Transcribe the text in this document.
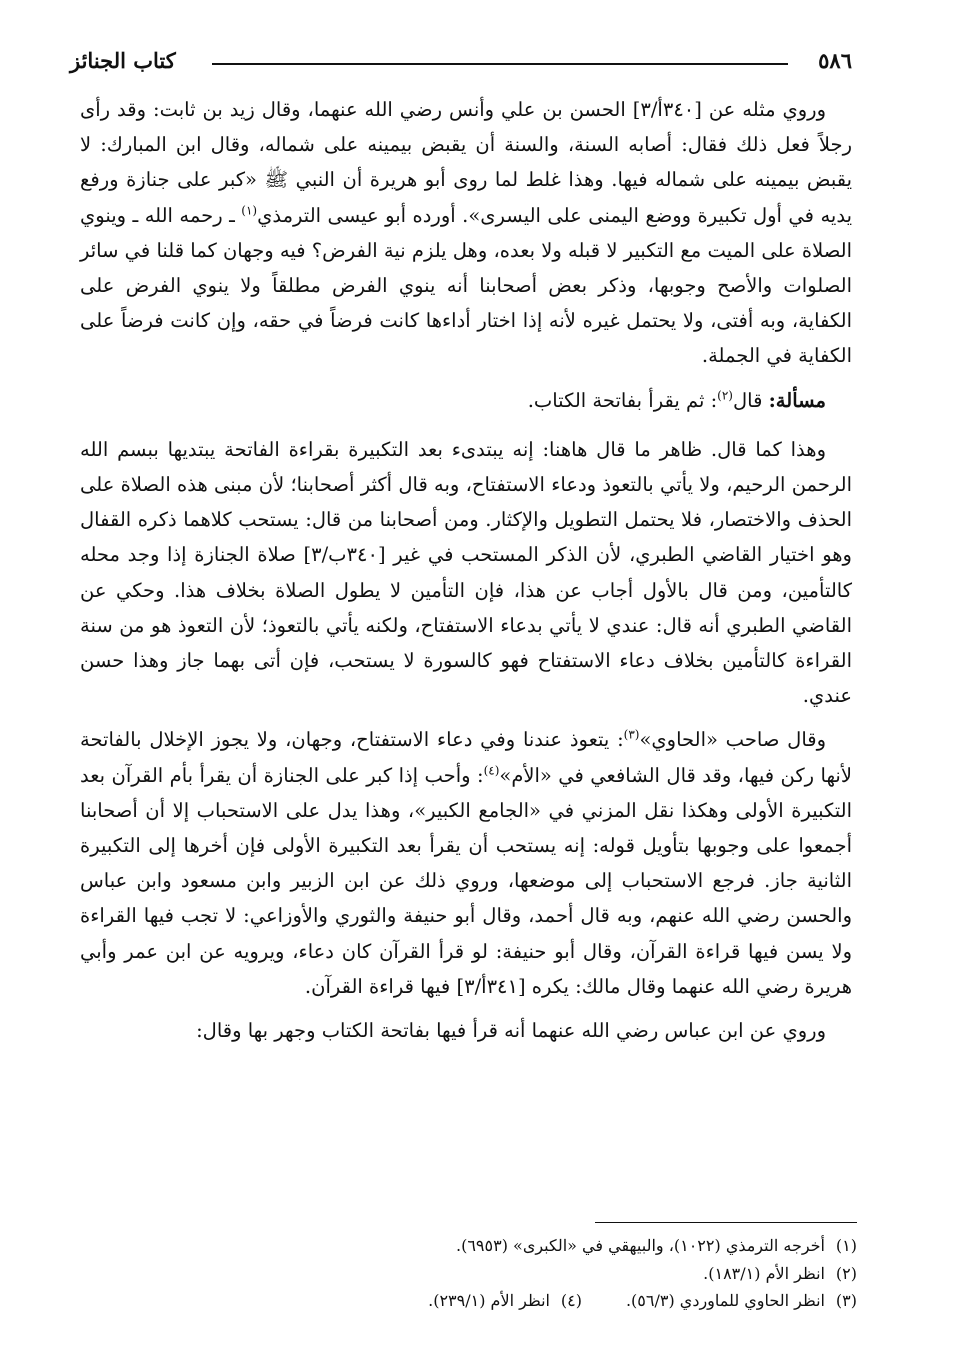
٥٨٦
كتاب الجنائز

وروي مثله عن [٣٤٠أ/٣] الحسن بن علي وأنس رضي الله عنهما، وقال زيد بن ثابت: وقد رأى رجلاً فعل ذلك فقال: أصابه السنة، والسنة أن يقبض بيمينه على شماله، وقال ابن المبارك: لا يقبض بيمينه على شماله فيها. وهذا غلط لما روى أبو هريرة أن النبي ﷺ «كبر على جنازة ورفع يديه في أول تكبيرة ووضع اليمنى على اليسرى». أورده أبو عيسى الترمذي$^{(١)}$ ـ رحمه الله ـ وينوي الصلاة على الميت مع التكبير لا قبله ولا بعده، وهل يلزم نية الفرض؟ فيه وجهان كما قلنا في سائر الصلوات والأصح وجوبها، وذكر بعض أصحابنا أنه ينوي الفرض مطلقاً ولا ينوي الفرض على الكفاية، وبه أفتى، ولا يحتمل غيره لأنه إذا اختار أداءها كانت فرضاً في حقه، وإن كانت فرضاً على الكفاية في الجملة.

مسألة: قال$^{(٢)}$: ثم يقرأ بفاتحة الكتاب.

وهذا كما قال. ظاهر ما قال هاهنا: إنه يبتدىء بعد التكبيرة بقراءة الفاتحة يبتديها ببسم الله الرحمن الرحيم، ولا يأتي بالتعوذ ودعاء الاستفتاح، وبه قال أكثر أصحابنا؛ لأن مبنى هذه الصلاة على الحذف والاختصار، فلا يحتمل التطويل والإكثار. ومن أصحابنا من قال: يستحب كلاهما ذكره القفال وهو اختيار القاضي الطبري، لأن الذكر المستحب في غير [٣٤٠ب/٣] صلاة الجنازة إذا وجد محله كالتأمين، ومن قال بالأول أجاب عن هذا، فإن التأمين لا يطول الصلاة بخلاف هذا. وحكي عن القاضي الطبري أنه قال: عندي لا يأتي بدعاء الاستفتاح، ولكنه يأتي بالتعوذ؛ لأن التعوذ هو من سنة القراءة كالتأمين بخلاف دعاء الاستفتاح فهو كالسورة لا يستحب، فإن أتى بهما جاز وهذا حسن عندي.

وقال صاحب «الحاوي»$^{(٣)}$: يتعوذ عندنا وفي دعاء الاستفتاح، وجهان، ولا يجوز الإخلال بالفاتحة لأنها ركن فيها، وقد قال الشافعي في «الأم»$^{(٤)}$: وأحب إذا كبر على الجنازة أن يقرأ بأم القرآن بعد التكبيرة الأولى وهكذا نقل المزني في «الجامع الكبير»، وهذا يدل على الاستحباب إلا أن أصحابنا أجمعوا على وجوبها بتأويل قوله: إنه يستحب أن يقرأ بعد التكبيرة الأولى فإن أخرها إلى التكبيرة الثانية جاز. فرجع الاستحباب إلى موضعها، وروي ذلك عن ابن الزبير وابن مسعود وابن عباس والحسن رضي الله عنهم، وبه قال أحمد، وقال أبو حنيفة والثوري والأوزاعي: لا تجب فيها القراءة ولا يسن فيها قراءة القرآن، وقال أبو حنيفة: لو قرأ القرآن كان دعاء، ويرويه عن ابن عمر وأبي هريرة رضي الله عنهما وقال مالك: يكره [٣٤١أ/٣] فيها قراءة القرآن.

وروي عن ابن عباس رضي الله عنهما أنه قرأ فيها بفاتحة الكتاب وجهر بها وقال:

(١)أخرجه الترمذي (١٠٢٢)، والبيهقي في «الكبرى» (٦٩٥٣).
(٢)انظر الأم (١٨٣/١).
(٣)انظر الحاوي للماوردي (٥٦/٣).
(٤)انظر الأم (٢٣٩/١).
